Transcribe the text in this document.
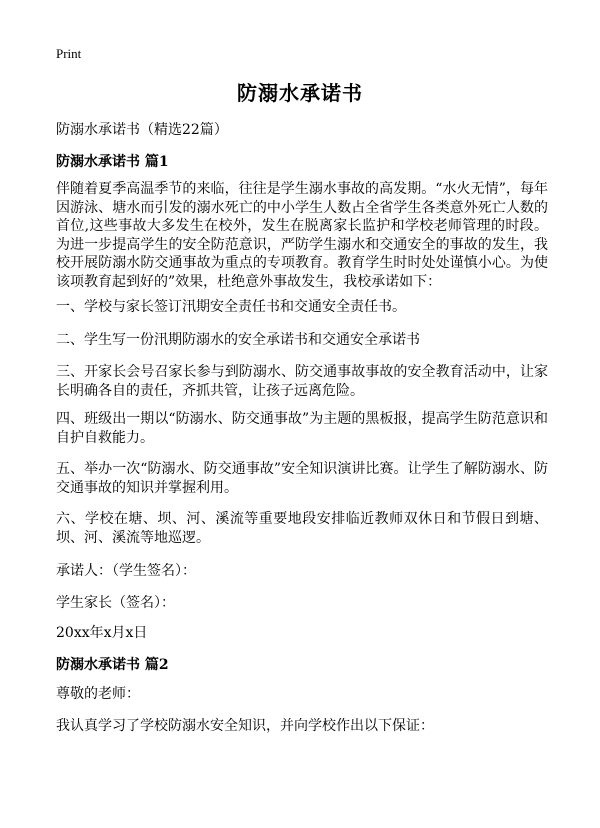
Print
防溺水承诺书
防溺水承诺书（精选22篇）
防溺水承诺书 篇1
伴随着夏季高温季节的来临，往往是学生溺水事故的高发期。“水火无情”，每年因游泳、塘水而引发的溺水死亡的中小学生人数占全省学生各类意外死亡人数的首位,这些事故大多发生在校外，发生在脱离家长监护和学校老师管理的时段。为进一步提高学生的安全防范意识，严防学生溺水和交通安全的事故的发生，我校开展防溺水防交通事故为重点的专项教育。教育学生时时处处谨慎小心。为使该项教育起到好的”效果，杜绝意外事故发生，我校承诺如下：
一、学校与家长签订汛期安全责任书和交通安全责任书。
二、学生写一份汛期防溺水的安全承诺书和交通安全承诺书
三、开家长会号召家长参与到防溺水、防交通事故事故的安全教育活动中，让家长明确各自的责任，齐抓共管，让孩子远离危险。
四、班级出一期以“防溺水、防交通事故”为主题的黑板报，提高学生防范意识和自护自救能力。
五、举办一次“防溺水、防交通事故”安全知识演讲比赛。让学生了解防溺水、防交通事故的知识并掌握利用。
六、学校在塘、坝、河、溪流等重要地段安排临近教师双休日和节假日到塘、坝、河、溪流等地巡逻。
承诺人：（学生签名）：
学生家长（签名）：
20xx年x月x日
防溺水承诺书 篇2
尊敬的老师：
我认真学习了学校防溺水安全知识，并向学校作出以下保证：
